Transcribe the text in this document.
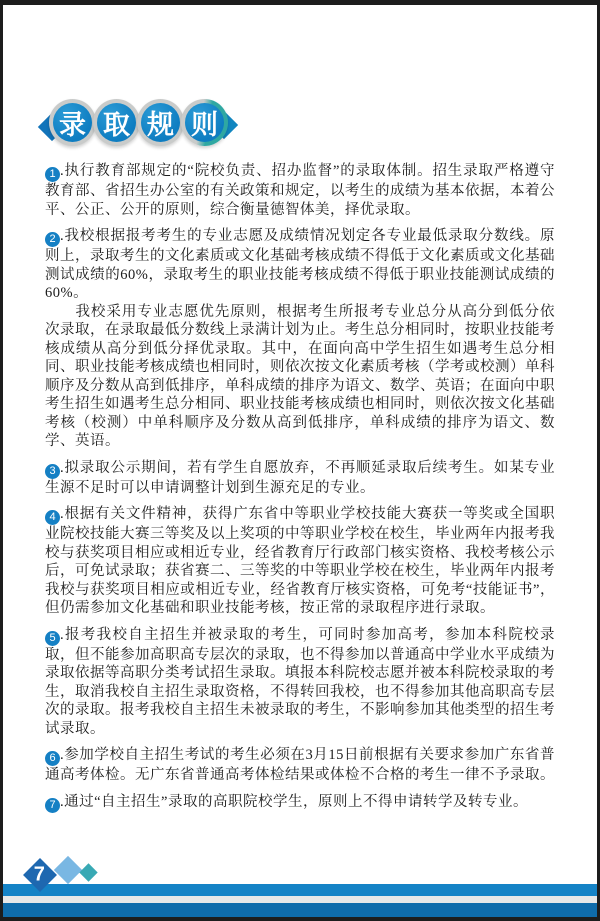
录 取 规 则

1 .执行教育部规定的“院校负责、招办监督”的录取体制。招生录取严格遵守教育部、省招生办公室的有关政策和规定，以考生的成绩为基本依据，本着公平、公正、公开的原则，综合衡量德智体美，择优录取。

2 .我校根据报考考生的专业志愿及成绩情况划定各专业最低录取分数线。原则上，录取考生的文化素质或文化基础考核成绩不得低于文化素质或文化基础测试成绩的60%，录取考生的职业技能考核成绩不得低于职业技能测试成绩的60%。

我校采用专业志愿优先原则，根据考生所报考专业总分从高分到低分依次录取，在录取最低分数线上录满计划为止。考生总分相同时，按职业技能考核成绩从高分到低分择优录取。其中，在面向高中学生招生如遇考生总分相同、职业技能考核成绩也相同时，则依次按文化素质考核（学考或校测）单科顺序及分数从高到低排序，单科成绩的排序为语文、数学、英语；在面向中职考生招生如遇考生总分相同、职业技能考核成绩也相同时，则依次按文化基础考核（校测）中单科顺序及分数从高到低排序，单科成绩的排序为语文、数学、英语。

3 .拟录取公示期间，若有学生自愿放弃，不再顺延录取后续考生。如某专业生源不足时可以申请调整计划到生源充足的专业。

4 .根据有关文件精神，获得广东省中等职业学校技能大赛获一等奖或全国职业院校技能大赛三等奖及以上奖项的中等职业学校在校生，毕业两年内报考我校与获奖项目相应或相近专业，经省教育厅行政部门核实资格、我校考核公示后，可免试录取；获省赛二、三等奖的中等职业学校在校生，毕业两年内报考我校与获奖项目相应或相近专业，经省教育厅核实资格，可免考“技能证书”，但仍需参加文化基础和职业技能考核，按正常的录取程序进行录取。

5 .报考我校自主招生并被录取的考生，可同时参加高考，参加本科院校录取，但不能参加高职高专层次的录取，也不得参加以普通高中学业水平成绩为录取依据等高职分类考试招生录取。填报本科院校志愿并被本科院校录取的考生，取消我校自主招生录取资格，不得转回我校，也不得参加其他高职高专层次的录取。报考我校自主招生未被录取的考生，不影响参加其他类型的招生考试录取。

6 .参加学校自主招生考试的考生必须在3月15日前根据有关要求参加广东省普通高考体检。无广东省普通高考体检结果或体检不合格的考生一律不予录取。

7 .通过“自主招生”录取的高职院校学生，原则上不得申请转学及转专业。

7
